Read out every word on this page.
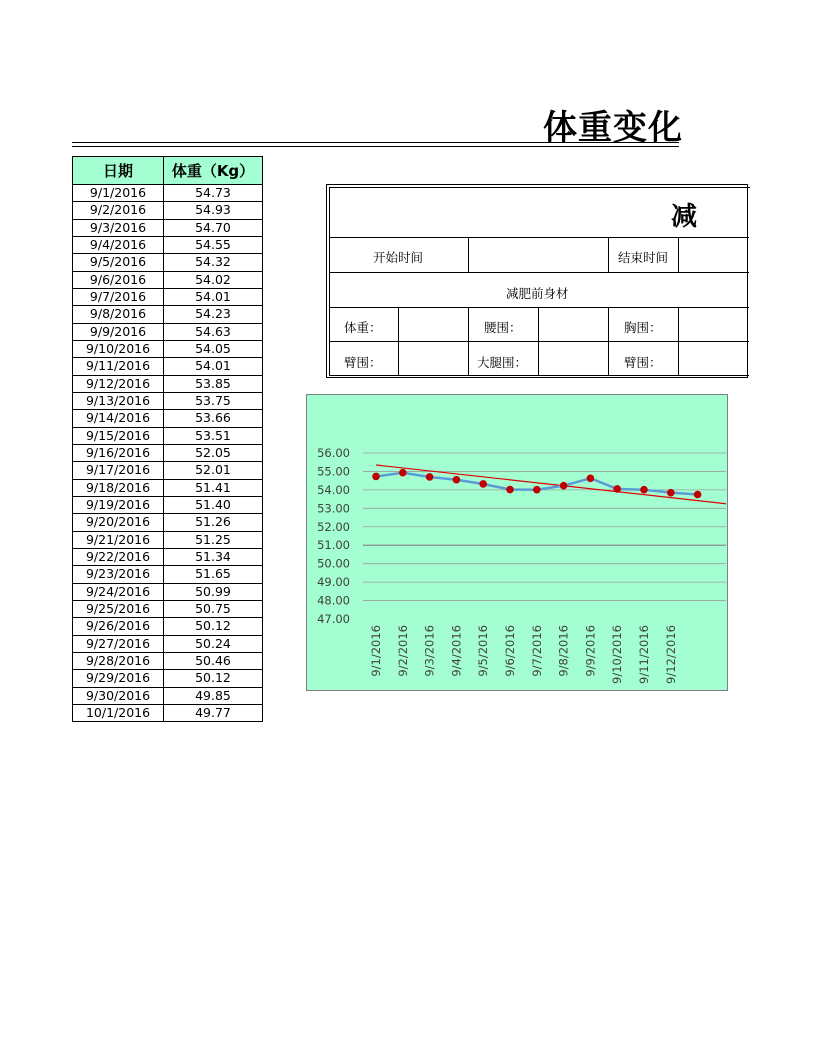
体重变化
日期	体重（Kg）
9/1/2016	54.73
9/2/2016	54.93
9/3/2016	54.70
9/4/2016	54.55
9/5/2016	54.32
9/6/2016	54.02
9/7/2016	54.01
9/8/2016	54.23
9/9/2016	54.63
9/10/2016	54.05
9/11/2016	54.01
9/12/2016	53.85
9/13/2016	53.75
9/14/2016	53.66
9/15/2016	53.51
9/16/2016	52.05
9/17/2016	52.01
9/18/2016	51.41
9/19/2016	51.40
9/20/2016	51.26
9/21/2016	51.25
9/22/2016	51.34
9/23/2016	51.65
9/24/2016	50.99
9/25/2016	50.75
9/26/2016	50.12
9/27/2016	50.24
9/28/2016	50.46
9/29/2016	50.12
9/30/2016	49.85
10/1/2016	49.77
减
开始时间	结束时间
减肥前身材
体重：	腰围：	胸围：
臂围：	大腿围：	臂围：
56.00
55.00
54.00
53.00
52.00
51.00
50.00
49.00
48.00
47.00
9/1/2016 9/2/2016 9/3/2016 9/4/2016 9/5/2016 9/6/2016 9/7/2016 9/8/2016 9/9/2016 9/10/2016 9/11/2016 9/12/2016
